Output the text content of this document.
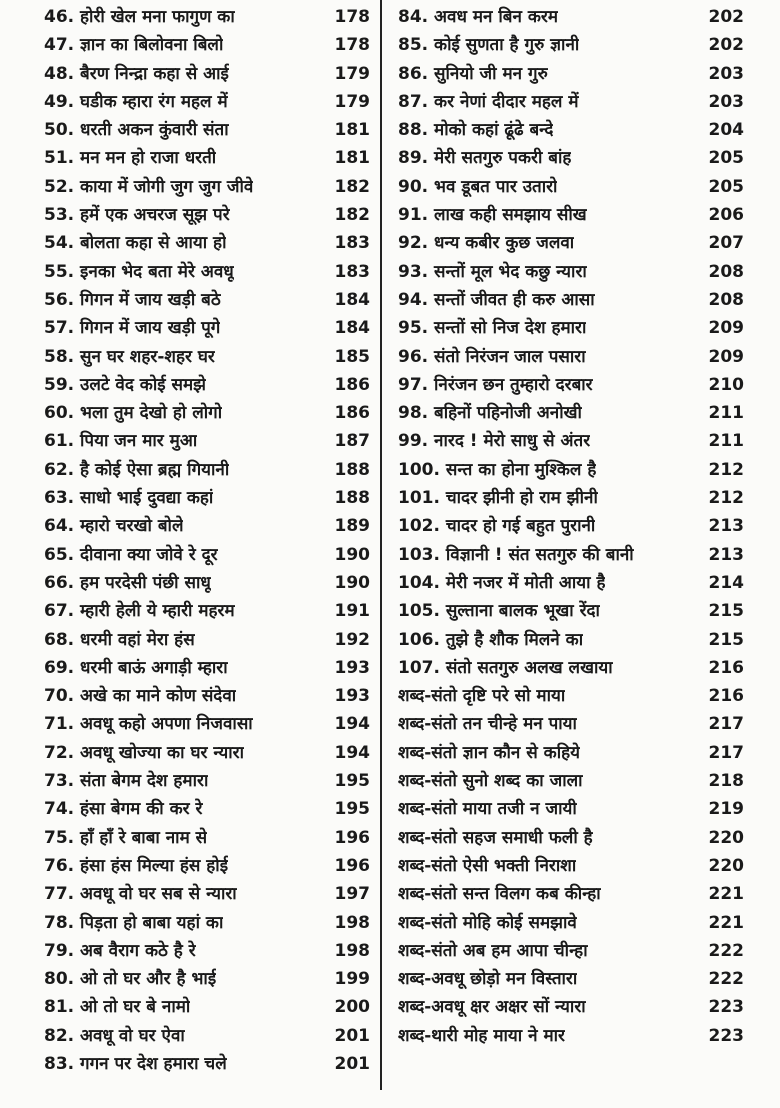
46. होरी खेल मना फागुण का	178
47. ज्ञान का बिलोवना बिलो	178
48. बैरण निन्द्रा कहा से आई	179
49. घडीक म्हारा रंग महल में	179
50. धरती अकन कुंवारी संता	181
51. मन मन हो राजा धरती	181
52. काया में जोगी जुग जुग जीवे	182
53. हमें एक अचरज सूझ परे	182
54. बोलता कहा से आया हो	183
55. इनका भेद बता मेरे अवधू	183
56. गिगन में जाय खड़ी बठे	184
57. गिगन में जाय खड़ी पूगे	184
58. सुन घर शहर-शहर घर	185
59. उलटे वेद कोई समझे	186
60. भला तुम देखो हो लोगो	186
61. पिया जन मार मुआ	187
62. है कोई ऐसा ब्रह्म गियानी	188
63. साधो भाई दुवद्या कहां	188
64. म्हारो चरखो बोले	189
65. दीवाना क्या जोवे रे दूर	190
66. हम परदेसी पंछी साधू	190
67. म्हारी हेली ये म्हारी महरम	191
68. धरमी वहां मेरा हंस	192
69. धरमी बाऊं अगाड़ी म्हारा	193
70. अखे का माने कोण संदेवा	193
71. अवधू कहो अपणा निजवासा	194
72. अवधू खोज्या का घर न्यारा	194
73. संता बेगम देश हमारा	195
74. हंसा बेगम की कर रे	195
75. हाँ हाँ रे बाबा नाम से	196
76. हंसा हंस मिल्या हंस होई	196
77. अवधू वो घर सब से न्यारा	197
78. पिड़ता हो बाबा यहां का	198
79. अब वैराग कठे है रे	198
80. ओ तो घर और है भाई	199
81. ओ तो घर बे नामो	200
82. अवधू वो घर ऐवा	201
83. गगन पर देश हमारा चले	201
84. अवध मन बिन करम	202
85. कोई सुणता है गुरु ज्ञानी	202
86. सुनियो जी मन गुरु	203
87. कर नेणां दीदार महल में	203
88. मोको कहां ढूंढे बन्दे	204
89. मेरी सतगुरु पकरी बांह	205
90. भव डूबत पार उतारो	205
91. लाख कही समझाय सीख	206
92. धन्य कबीर कुछ जलवा	207
93. सन्तों मूल भेद कछु न्यारा	208
94. सन्तों जीवत ही करु आसा	208
95. सन्तों सो निज देश हमारा	209
96. संतो निरंजन जाल पसारा	209
97. निरंजन छन तुम्हारो दरबार	210
98. बहिनों पहिनोजी अनोखी	211
99. नारद ! मेरो साधु से अंतर	211
100. सन्त का होना मुश्किल है	212
101. चादर झीनी हो राम झीनी	212
102. चादर हो गई बहुत पुरानी	213
103. विज्ञानी ! संत सतगुरु की बानी	213
104. मेरी नजर में मोती आया है	214
105. सुल्ताना बालक भूखा रेंदा	215
106. तुझे है शौक मिलने का	215
107. संतो सतगुरु अलख लखाया	216
शब्द-संतो दृष्टि परे सो माया	216
शब्द-संतो तन चीन्हे मन पाया	217
शब्द-संतो ज्ञान कौन से कहिये	217
शब्द-संतो सुनो शब्द का जाला	218
शब्द-संतो माया तजी न जायी	219
शब्द-संतो सहज समाधी फली है	220
शब्द-संतो ऐसी भक्ती निराशा	220
शब्द-संतो सन्त विलग कब कीन्हा	221
शब्द-संतो मोहि कोई समझावे	221
शब्द-संतो अब हम आपा चीन्हा	222
शब्द-अवधू छोड़ो मन विस्तारा	222
शब्द-अवधू क्षर अक्षर सों न्यारा	223
शब्द-थारी मोह माया ने मार	223
